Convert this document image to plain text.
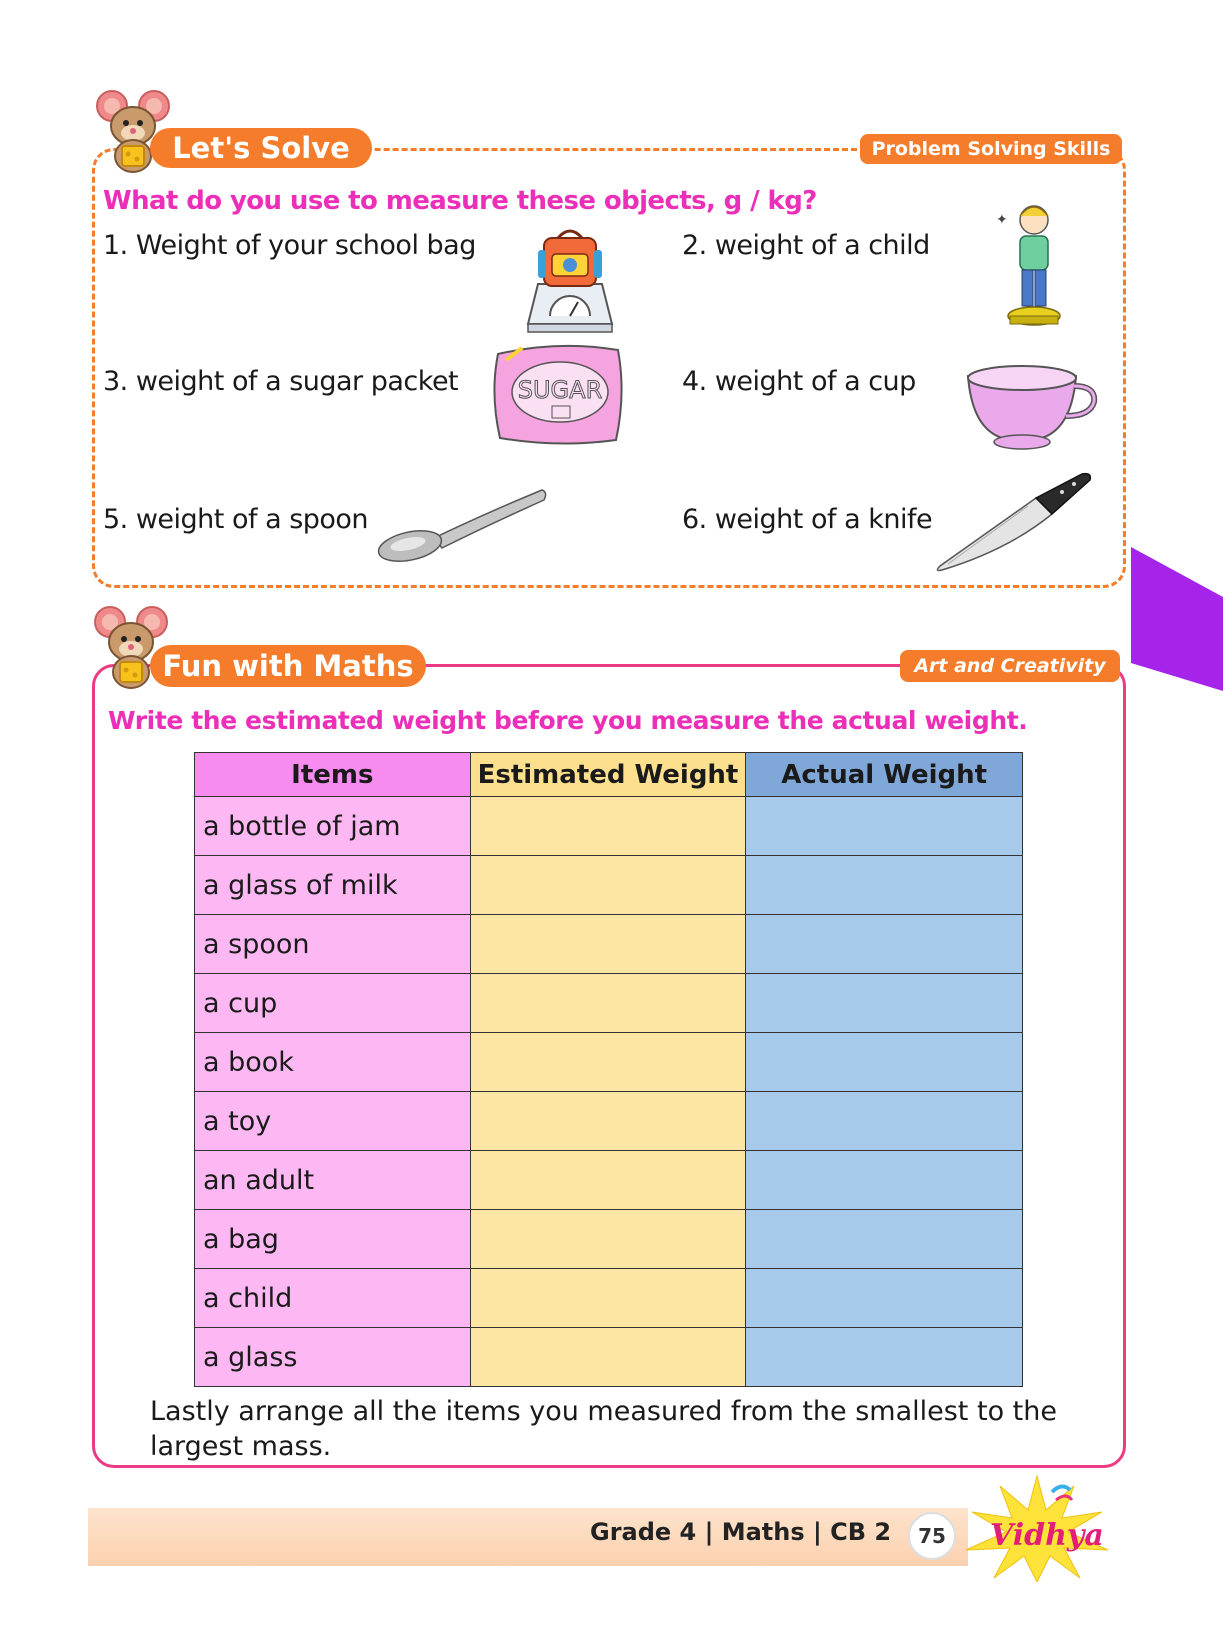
Let's Solve	Problem Solving Skills
What do you use to measure these objects, g / kg?
1. Weight of your school bag	2. weight of a child
3. weight of a sugar packet	4. weight of a cup
5. weight of a spoon	6. weight of a knife
✦
SUGAR
Fun with Maths	Art and Creativity
Write the estimated weight before you measure the actual weight.
Items	Estimated Weight	Actual Weight
a bottle of jam		
a glass of milk		
a spoon		
a cup		
a book		
a toy		
an adult		
a bag		
a child		
a glass		
Lastly arrange all the items you measured from the smallest to the largest mass.
Grade 4 | Maths | CB 2	75	Vidhya
